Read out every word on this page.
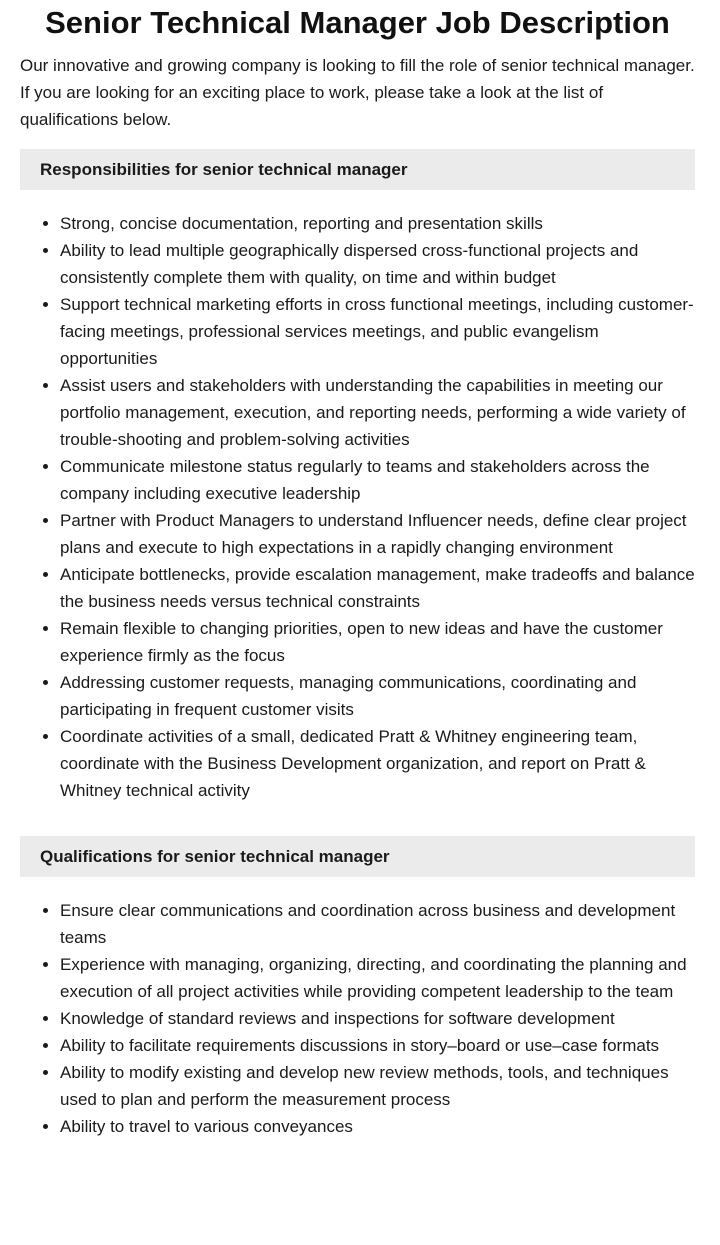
Senior Technical Manager Job Description

Our innovative and growing company is looking to fill the role of senior technical manager. If you are looking for an exciting place to work, please take a look at the list of qualifications below.

Responsibilities for senior technical manager
• Strong, concise documentation, reporting and presentation skills
• Ability to lead multiple geographically dispersed cross-functional projects and consistently complete them with quality, on time and within budget
• Support technical marketing efforts in cross functional meetings, including customer-facing meetings, professional services meetings, and public evangelism opportunities
• Assist users and stakeholders with understanding the capabilities in meeting our portfolio management, execution, and reporting needs, performing a wide variety of trouble-shooting and problem-solving activities
• Communicate milestone status regularly to teams and stakeholders across the company including executive leadership
• Partner with Product Managers to understand Influencer needs, define clear project plans and execute to high expectations in a rapidly changing environment
• Anticipate bottlenecks, provide escalation management, make tradeoffs and balance the business needs versus technical constraints
• Remain flexible to changing priorities, open to new ideas and have the customer experience firmly as the focus
• Addressing customer requests, managing communications, coordinating and participating in frequent customer visits
• Coordinate activities of a small, dedicated Pratt & Whitney engineering team, coordinate with the Business Development organization, and report on Pratt & Whitney technical activity
Qualifications for senior technical manager
• Ensure clear communications and coordination across business and development teams
• Experience with managing, organizing, directing, and coordinating the planning and execution of all project activities while providing competent leadership to the team
• Knowledge of standard reviews and inspections for software development
• Ability to facilitate requirements discussions in story–board or use–case formats
• Ability to modify existing and develop new review methods, tools, and techniques used to plan and perform the measurement process
• Ability to travel to various conveyances
